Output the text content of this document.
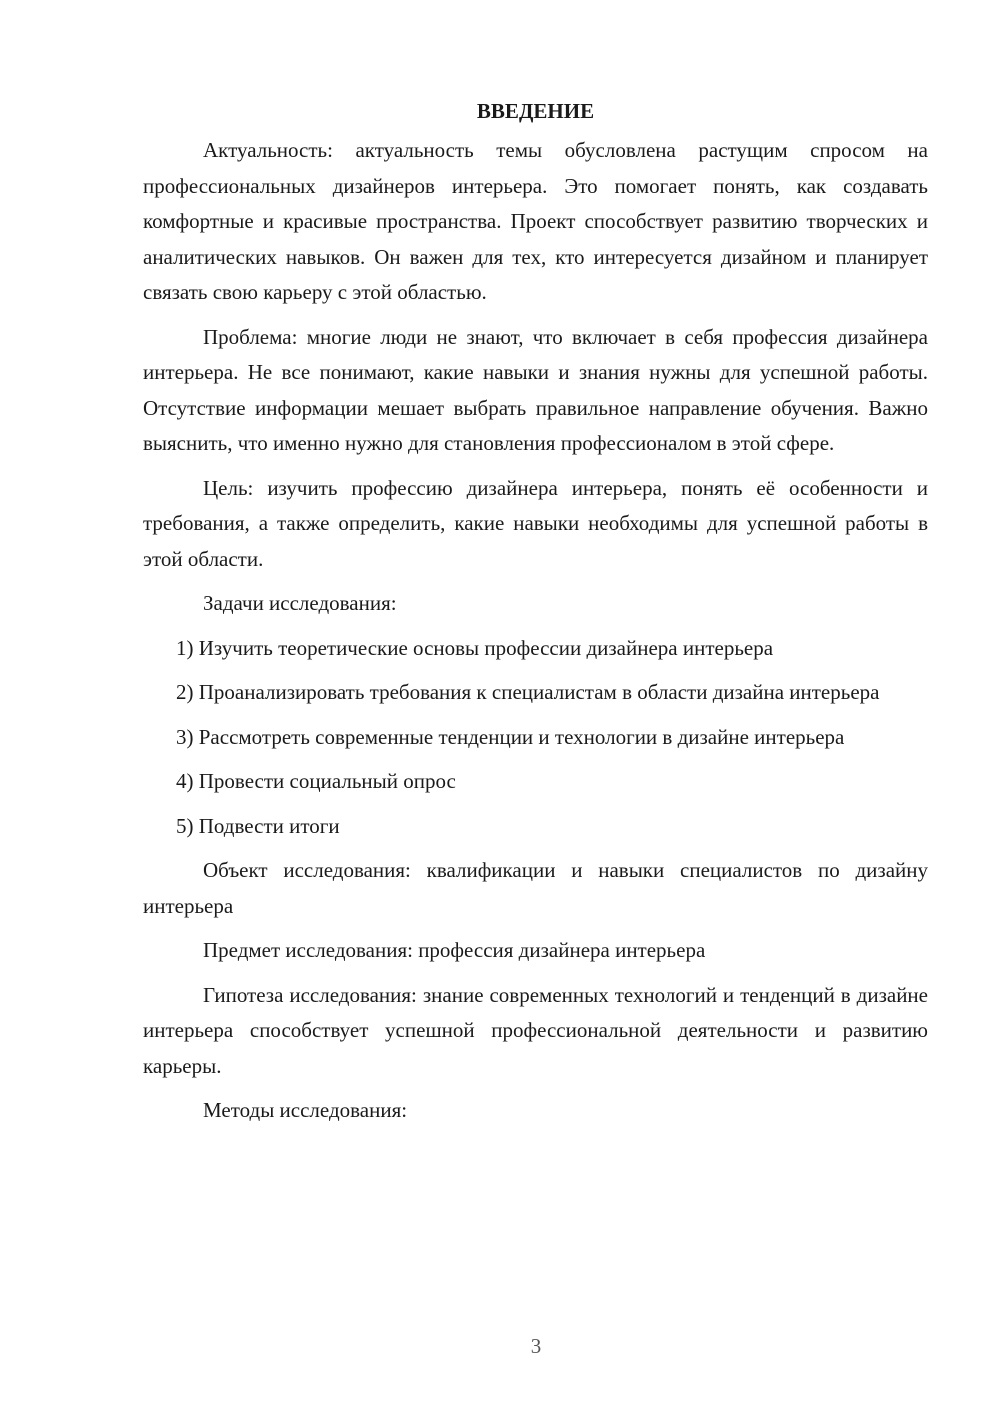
ВВЕДЕНИЕ

Актуальность: актуальность темы обусловлена растущим спросом на профессиональных дизайнеров интерьера. Это помогает понять, как создавать комфортные и красивые пространства. Проект способствует развитию творческих и аналитических навыков. Он важен для тех, кто интересуется дизайном и планирует связать свою карьеру с этой областью.

Проблема: многие люди не знают, что включает в себя профессия дизайнера интерьера. Не все понимают, какие навыки и знания нужны для успешной работы. Отсутствие информации мешает выбрать правильное направление обучения. Важно выяснить, что именно нужно для становления профессионалом в этой сфере.

Цель: изучить профессию дизайнера интерьера, понять её особенности и требования, а также определить, какие навыки необходимы для успешной работы в этой области.

Задачи исследования:

1) Изучить теоретические основы профессии дизайнера интерьера

2) Проанализировать требования к специалистам в области дизайна интерьера

3) Рассмотреть современные тенденции и технологии в дизайне интерьера

4) Провести социальный опрос

5) Подвести итоги

Объект исследования: квалификации и навыки специалистов по дизайну интерьера

Предмет исследования: профессия дизайнера интерьера

Гипотеза исследования: знание современных технологий и тенденций в дизайне интерьера способствует успешной профессиональной деятельности и развитию карьеры.

Методы исследования:

3
